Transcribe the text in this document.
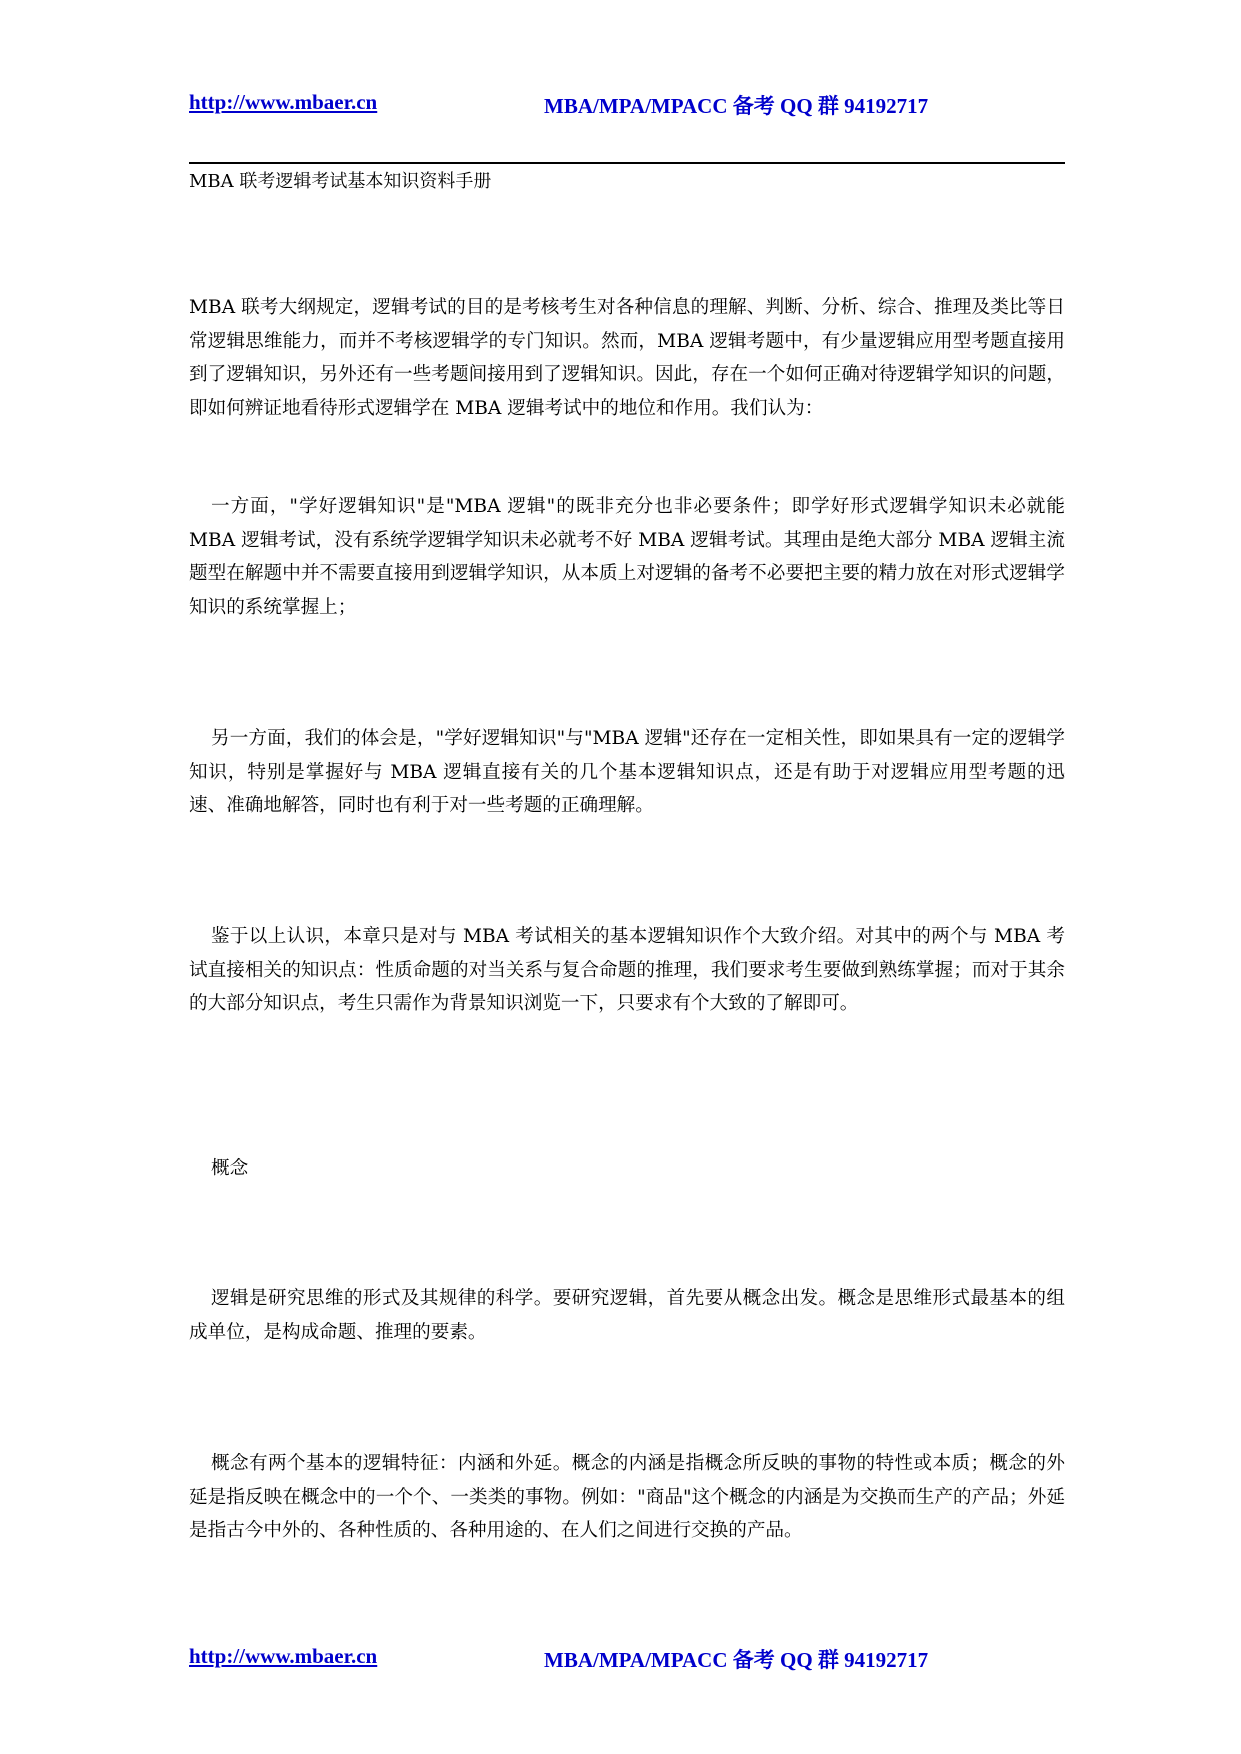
http://www.mbaer.cn	MBA/MPA/MPACC 备考 QQ 群 94192717
MBA 联考逻辑考试基本知识资料手册

MBA 联考大纲规定，逻辑考试的目的是考核考生对各种信息的理解、判断、分析、综合、推理及类比等日常逻辑思维能力，而并不考核逻辑学的专门知识。然而，MBA 逻辑考题中，有少量逻辑应用型考题直接用到了逻辑知识，另外还有一些考题间接用到了逻辑知识。因此，存在一个如何正确对待逻辑学知识的问题，即如何辨证地看待形式逻辑学在 MBA 逻辑考试中的地位和作用。我们认为：

一方面，"学好逻辑知识"是"MBA 逻辑"的既非充分也非必要条件；即学好形式逻辑学知识未必就能 MBA 逻辑考试，没有系统学逻辑学知识未必就考不好 MBA 逻辑考试。其理由是绝大部分 MBA 逻辑主流题型在解题中并不需要直接用到逻辑学知识，从本质上对逻辑的备考不必要把主要的精力放在对形式逻辑学知识的系统掌握上；

另一方面，我们的体会是，"学好逻辑知识"与"MBA 逻辑"还存在一定相关性，即如果具有一定的逻辑学知识，特别是掌握好与 MBA 逻辑直接有关的几个基本逻辑知识点，还是有助于对逻辑应用型考题的迅速、准确地解答，同时也有利于对一些考题的正确理解。

鉴于以上认识，本章只是对与 MBA 考试相关的基本逻辑知识作个大致介绍。对其中的两个与 MBA 考试直接相关的知识点：性质命题的对当关系与复合命题的推理，我们要求考生要做到熟练掌握；而对于其余的大部分知识点，考生只需作为背景知识浏览一下，只要求有个大致的了解即可。

概念

逻辑是研究思维的形式及其规律的科学。要研究逻辑，首先要从概念出发。概念是思维形式最基本的组成单位，是构成命题、推理的要素。

概念有两个基本的逻辑特征：内涵和外延。概念的内涵是指概念所反映的事物的特性或本质；概念的外延是指反映在概念中的一个个、一类类的事物。例如："商品"这个概念的内涵是为交换而生产的产品；外延是指古今中外的、各种性质的、各种用途的、在人们之间进行交换的产品。

http://www.mbaer.cn	MBA/MPA/MPACC 备考 QQ 群 94192717
